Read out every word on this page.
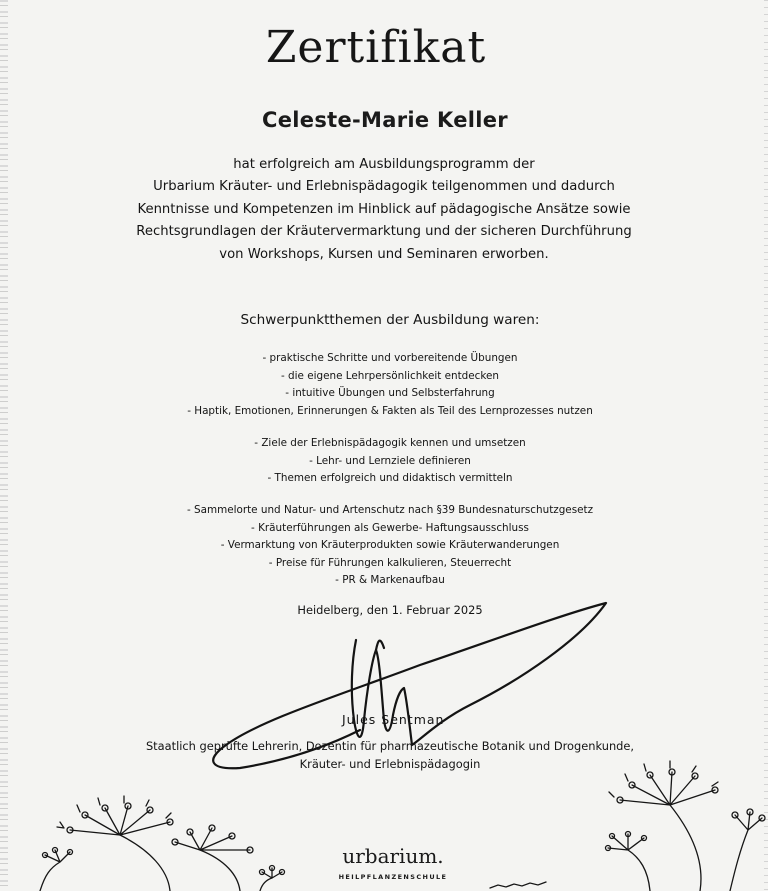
Zertifikat
Celeste-Marie Keller
hat erfolgreich am Ausbildungsprogramm der
Urbarium Kräuter- und Erlebnispädagogik teilgenommen und dadurch
Kenntnisse und Kompetenzen im Hinblick auf pädagogische Ansätze sowie
Rechtsgrundlagen der Kräutervermarktung und der sicheren Durchführung
von Workshops, Kursen und Seminaren erworben.
Schwerpunktthemen der Ausbildung waren:
- praktische Schritte und vorbereitende Übungen
- die eigene Lehrpersönlichkeit entdecken
- intuitive Übungen und Selbsterfahrung
- Haptik, Emotionen, Erinnerungen & Fakten als Teil des Lernprozesses nutzen
- Ziele der Erlebnispädagogik kennen und umsetzen
- Lehr- und Lernziele definieren
- Themen erfolgreich und didaktisch vermitteln
- Sammelorte und Natur- und Artenschutz nach §39 Bundesnaturschutzgesetz
- Kräuterführungen als Gewerbe- Haftungsausschluss
- Vermarktung von Kräuterprodukten sowie Kräuterwanderungen
- Preise für Führungen kalkulieren, Steuerrecht
- PR & Markenaufbau
Heidelberg, den 1. Februar 2025
Jules Sentman
Staatlich geprüfte Lehrerin, Dozentin für pharmazeutische Botanik und Drogenkunde,
Kräuter- und Erlebnispädagogin
urbarium.
HEILPFLANZENSCHULE
